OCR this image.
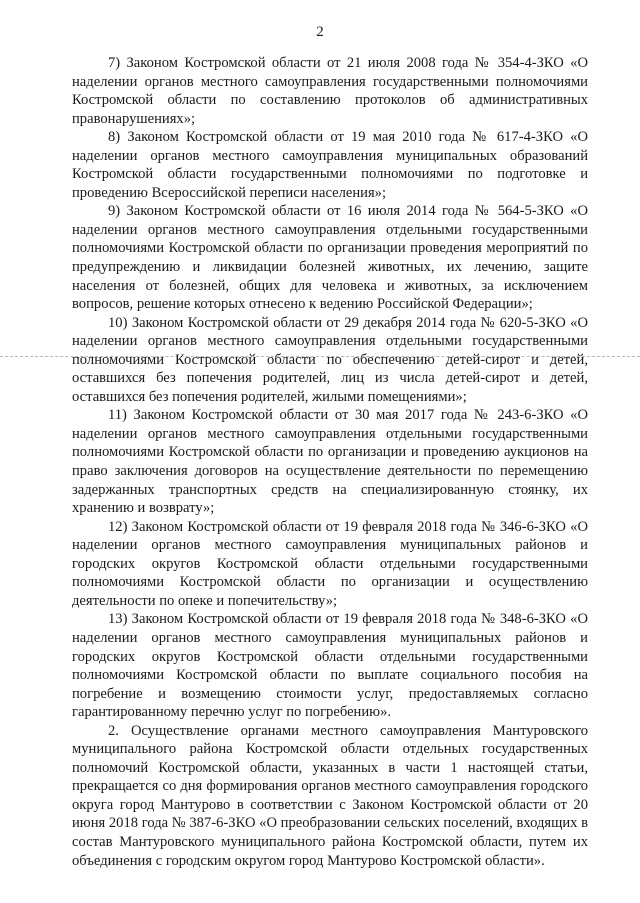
2

7) Законом Костромской области от 21 июля 2008 года № 354-4-ЗКО «О наделении органов местного самоуправления государственными полномочиями Костромской области по составлению протоколов об административных правонарушениях»;

8) Законом Костромской области от 19 мая 2010 года № 617-4-ЗКО «О наделении органов местного самоуправления муниципальных образований Костромской области государственными полномочиями по подготовке и проведению Всероссийской переписи населения»;

9) Законом Костромской области от 16 июля 2014 года № 564-5-ЗКО «О наделении органов местного самоуправления отдельными государственными полномочиями Костромской области по организации проведения мероприятий по предупреждению и ликвидации болезней животных, их лечению, защите населения от болезней, общих для человека и животных, за исключением вопросов, решение которых отнесено к ведению Российской Федерации»;

10) Законом Костромской области от 29 декабря 2014 года № 620-5-ЗКО «О наделении органов местного самоуправления отдельными государственными полномочиями Костромской области по обеспечению детей-сирот и детей, оставшихся без попечения родителей, лиц из числа детей-сирот и детей, оставшихся без попечения родителей, жилыми помещениями»;

11) Законом Костромской области от 30 мая 2017 года № 243-6-ЗКО «О наделении органов местного самоуправления отдельными государственными полномочиями Костромской области по организации и проведению аукционов на право заключения договоров на осуществление деятельности по перемещению задержанных транспортных средств на специализированную стоянку, их хранению и возврату»;

12) Законом Костромской области от 19 февраля 2018 года № 346-6-ЗКО «О наделении органов местного самоуправления муниципальных районов и городских округов Костромской области отдельными государственными полномочиями Костромской области по организации и осуществлению деятельности по опеке и попечительству»;

13) Законом Костромской области от 19 февраля 2018 года № 348-6-ЗКО «О наделении органов местного самоуправления муниципальных районов и городских округов Костромской области отдельными государственными полномочиями Костромской области по выплате социального пособия на погребение и возмещению стоимости услуг, предоставляемых согласно гарантированному перечню услуг по погребению».

2. Осуществление органами местного самоуправления Мантуровского муниципального района Костромской области отдельных государственных полномочий Костромской области, указанных в части 1 настоящей статьи, прекращается со дня формирования органов местного самоуправления городского округа город Мантурово в соответствии с Законом Костромской области от 20 июня 2018 года № 387-6-ЗКО «О преобразовании сельских поселений, входящих в состав Мантуровского муниципального района Костромской области, путем их объединения с городским округом город Мантурово Костромской области».
